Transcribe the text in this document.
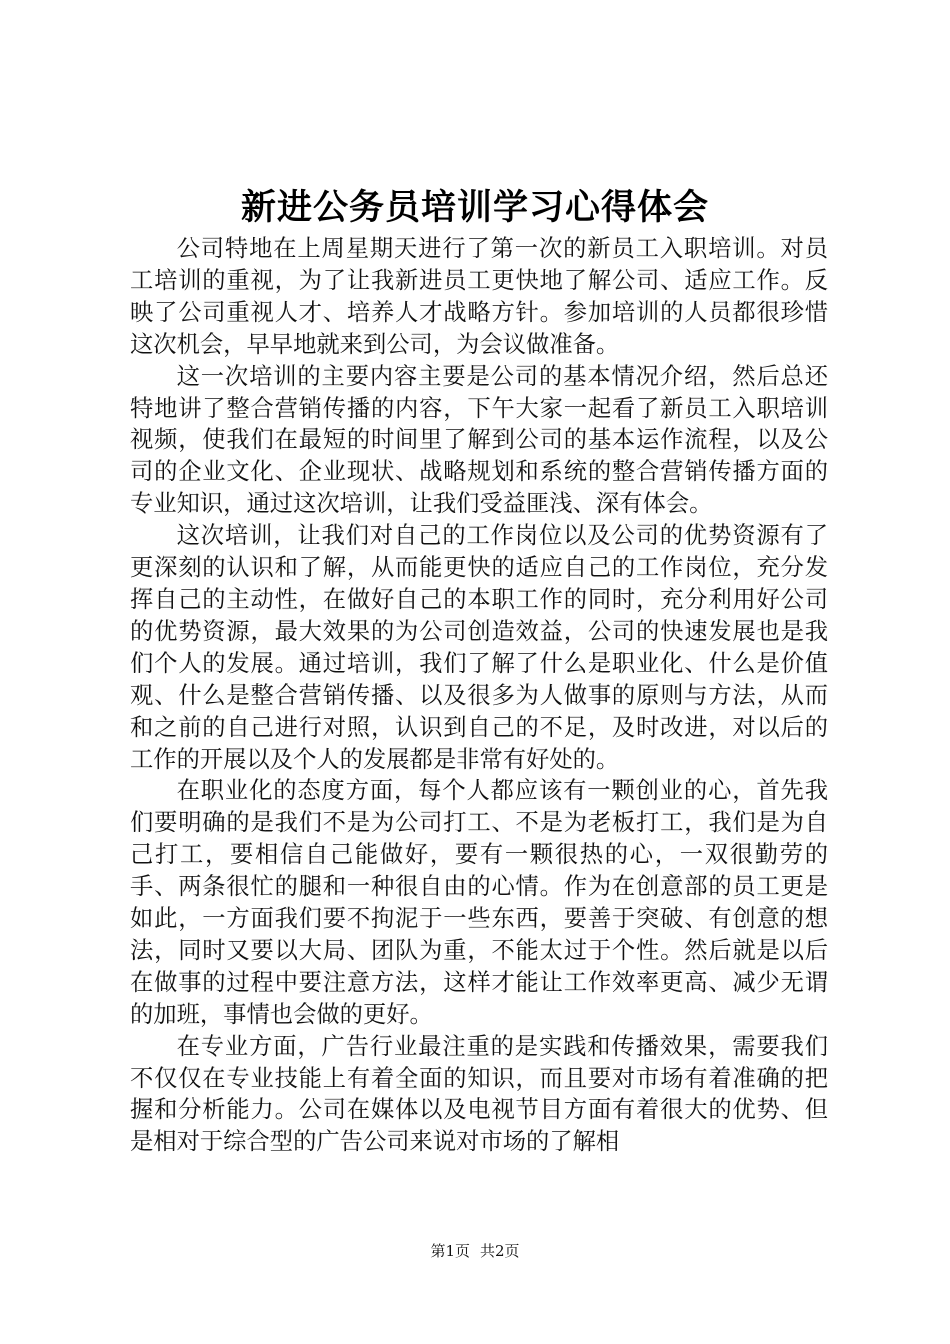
新进公务员培训学习心得体会

公司特地在上周星期天进行了第一次的新员工入职培训。对员工培训的重视，为了让我新进员工更快地了解公司、适应工作。反映了公司重视人才、培养人才战略方针。参加培训的人员都很珍惜这次机会，早早地就来到公司，为会议做准备。

这一次培训的主要内容主要是公司的基本情况介绍，然后总还特地讲了整合营销传播的内容，下午大家一起看了新员工入职培训视频，使我们在最短的时间里了解到公司的基本运作流程，以及公司的企业文化、企业现状、战略规划和系统的整合营销传播方面的专业知识，通过这次培训，让我们受益匪浅、深有体会。

这次培训，让我们对自己的工作岗位以及公司的优势资源有了更深刻的认识和了解，从而能更快的适应自己的工作岗位，充分发挥自己的主动性，在做好自己的本职工作的同时，充分利用好公司的优势资源，最大效果的为公司创造效益，公司的快速发展也是我们个人的发展。通过培训，我们了解了什么是职业化、什么是价值观、什么是整合营销传播、以及很多为人做事的原则与方法，从而和之前的自己进行对照，认识到自己的不足，及时改进，对以后的工作的开展以及个人的发展都是非常有好处的。

在职业化的态度方面，每个人都应该有一颗创业的心，首先我们要明确的是我们不是为公司打工、不是为老板打工，我们是为自己打工，要相信自己能做好，要有一颗很热的心，一双很勤劳的手、两条很忙的腿和一种很自由的心情。作为在创意部的员工更是如此，一方面我们要不拘泥于一些东西，要善于突破、有创意的想法，同时又要以大局、团队为重，不能太过于个性。然后就是以后在做事的过程中要注意方法，这样才能让工作效率更高、减少无谓的加班，事情也会做的更好。

在专业方面，广告行业最注重的是实践和传播效果，需要我们不仅仅在专业技能上有着全面的知识，而且要对市场有着准确的把握和分析能力。公司在媒体以及电视节目方面有着很大的优势、但是相对于综合型的广告公司来说对市场的了解相

第1页 共2页
